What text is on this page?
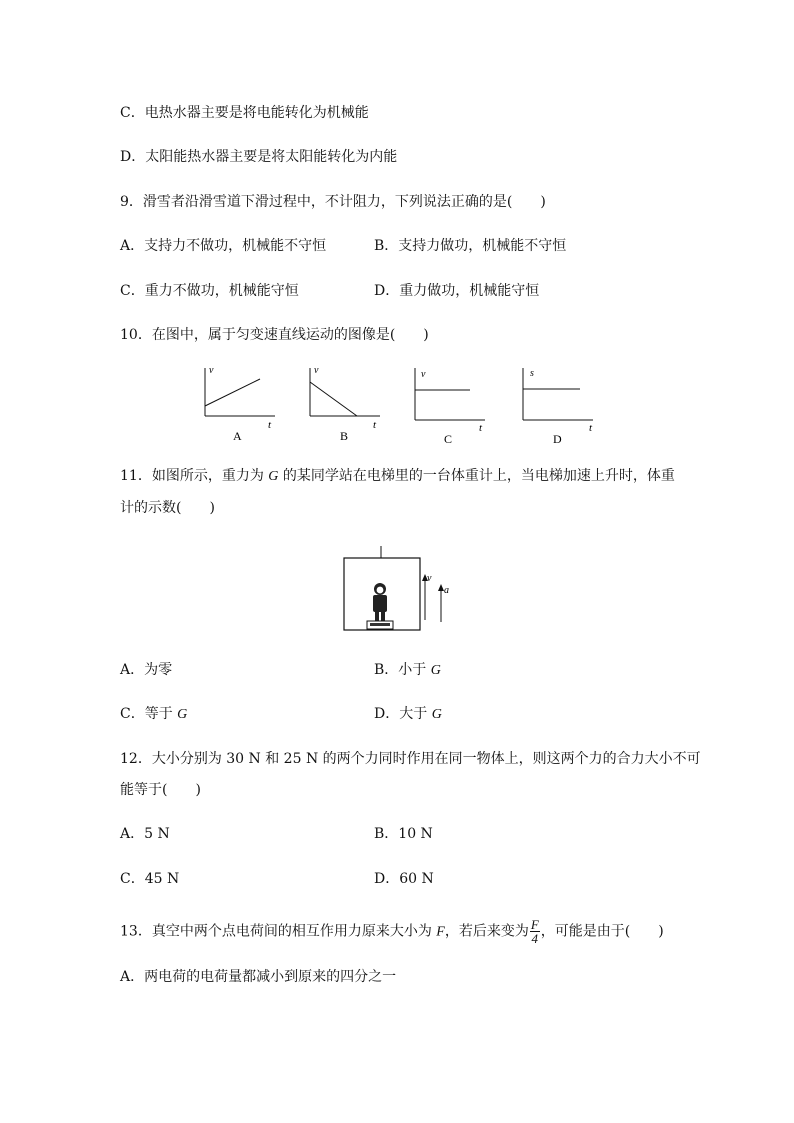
C．电热水器主要是将电能转化为机械能
D．太阳能热水器主要是将太阳能转化为内能
9．滑雪者沿滑雪道下滑过程中，不计阻力，下列说法正确的是(　　)
A．支持力不做功，机械能不守恒	B．支持力做功，机械能不守恒
C．重力不做功，机械能守恒	D．重力做功，机械能守恒
10．在图中，属于匀变速直线运动的图像是(　　)
v
t
A
v
t
B
v
t
C
s
t
D
11．如图所示，重力为 G 的某同学站在电梯里的一台体重计上，当电梯加速上升时，体重
计的示数(　　)
v
a
A．为零	B．小于 G
C．等于 G	D．大于 G
12．大小分别为 30 N 和 25 N 的两个力同时作用在同一物体上，则这两个力的合力大小不可
能等于(　　)
A．5 N	B．10 N
C．45 N	D．60 N
13．真空中两个点电荷间的相互作用力原来大小为 F，若后来变为 $\frac{F}{4}$ ，可能是由于(　　)
A．两电荷的电荷量都减小到原来的四分之一
